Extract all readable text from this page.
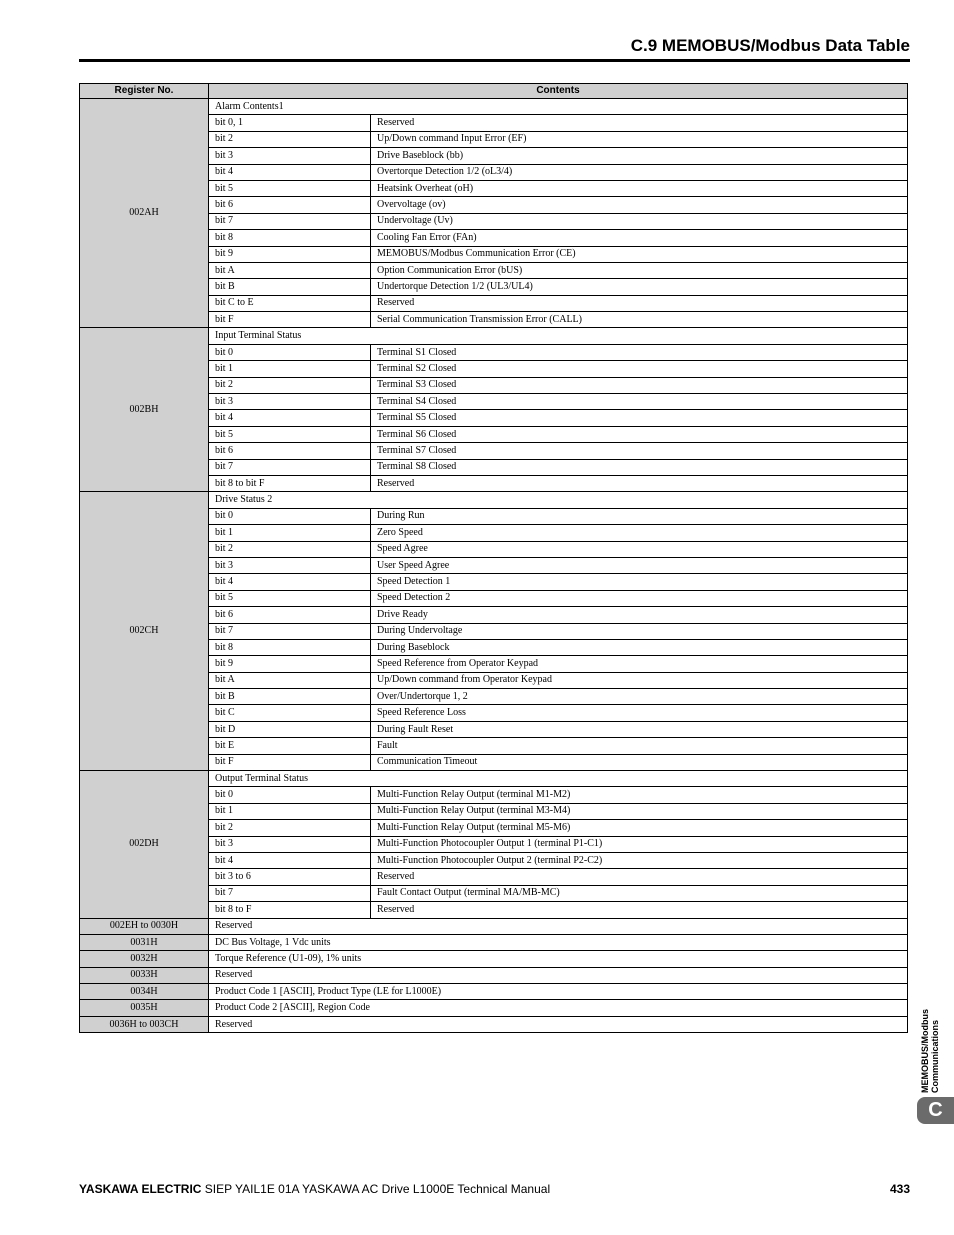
C.9 MEMOBUS/Modbus Data Table
Register No.	Contents	
002AH	Alarm Contents1	
	bit 0, 1	Reserved
	bit 2	Up/Down command Input Error (EF)
	bit 3	Drive Baseblock (bb)
	bit 4	Overtorque Detection 1/2 (oL3/4)
	bit 5	Heatsink Overheat (oH)
	bit 6	Overvoltage (ov)
	bit 7	Undervoltage (Uv)
	bit 8	Cooling Fan Error (FAn)
	bit 9	MEMOBUS/Modbus Communication Error (CE)
	bit A	Option Communication Error (bUS)
	bit B	Undertorque Detection 1/2 (UL3/UL4)
	bit C to E	Reserved
	bit F	Serial Communication Transmission Error (CALL)
002BH	Input Terminal Status	
	bit 0	Terminal S1 Closed
	bit 1	Terminal S2 Closed
	bit 2	Terminal S3 Closed
	bit 3	Terminal S4 Closed
	bit 4	Terminal S5 Closed
	bit 5	Terminal S6 Closed
	bit 6	Terminal S7 Closed
	bit 7	Terminal S8 Closed
	bit 8 to bit F	Reserved
002CH	Drive Status 2	
	bit 0	During Run
	bit 1	Zero Speed
	bit 2	Speed Agree
	bit 3	User Speed Agree
	bit 4	Speed Detection 1
	bit 5	Speed Detection 2
	bit 6	Drive Ready
	bit 7	During Undervoltage
	bit 8	During Baseblock
	bit 9	Speed Reference from Operator Keypad
	bit A	Up/Down command from Operator Keypad
	bit B	Over/Undertorque 1, 2
	bit C	Speed Reference Loss
	bit D	During Fault Reset
	bit E	Fault
	bit F	Communication Timeout
002DH	Output Terminal Status	
	bit 0	Multi-Function Relay Output (terminal M1-M2)
	bit 1	Multi-Function Relay Output (terminal M3-M4)
	bit 2	Multi-Function Relay Output (terminal M5-M6)
	bit 3	Multi-Function Photocoupler Output 1 (terminal P1-C1)
	bit 4	Multi-Function Photocoupler Output 2 (terminal P2-C2)
	bit 3 to 6	Reserved
	bit 7	Fault Contact Output (terminal MA/MB-MC)
	bit 8 to F	Reserved
002EH to 0030H	Reserved	
0031H	DC Bus Voltage, 1 Vdc units	
0032H	Torque Reference (U1-09), 1% units	
0033H	Reserved	
0034H	Product Code 1 [ASCII], Product Type (LE for L1000E)	
0035H	Product Code 2 [ASCII], Region Code	
0036H to 003CH	Reserved		MEMOBUS/Modbus Communications
C
YASKAWA ELECTRIC SIEP YAIL1E 01A YASKAWA AC Drive L1000E Technical Manual	433
